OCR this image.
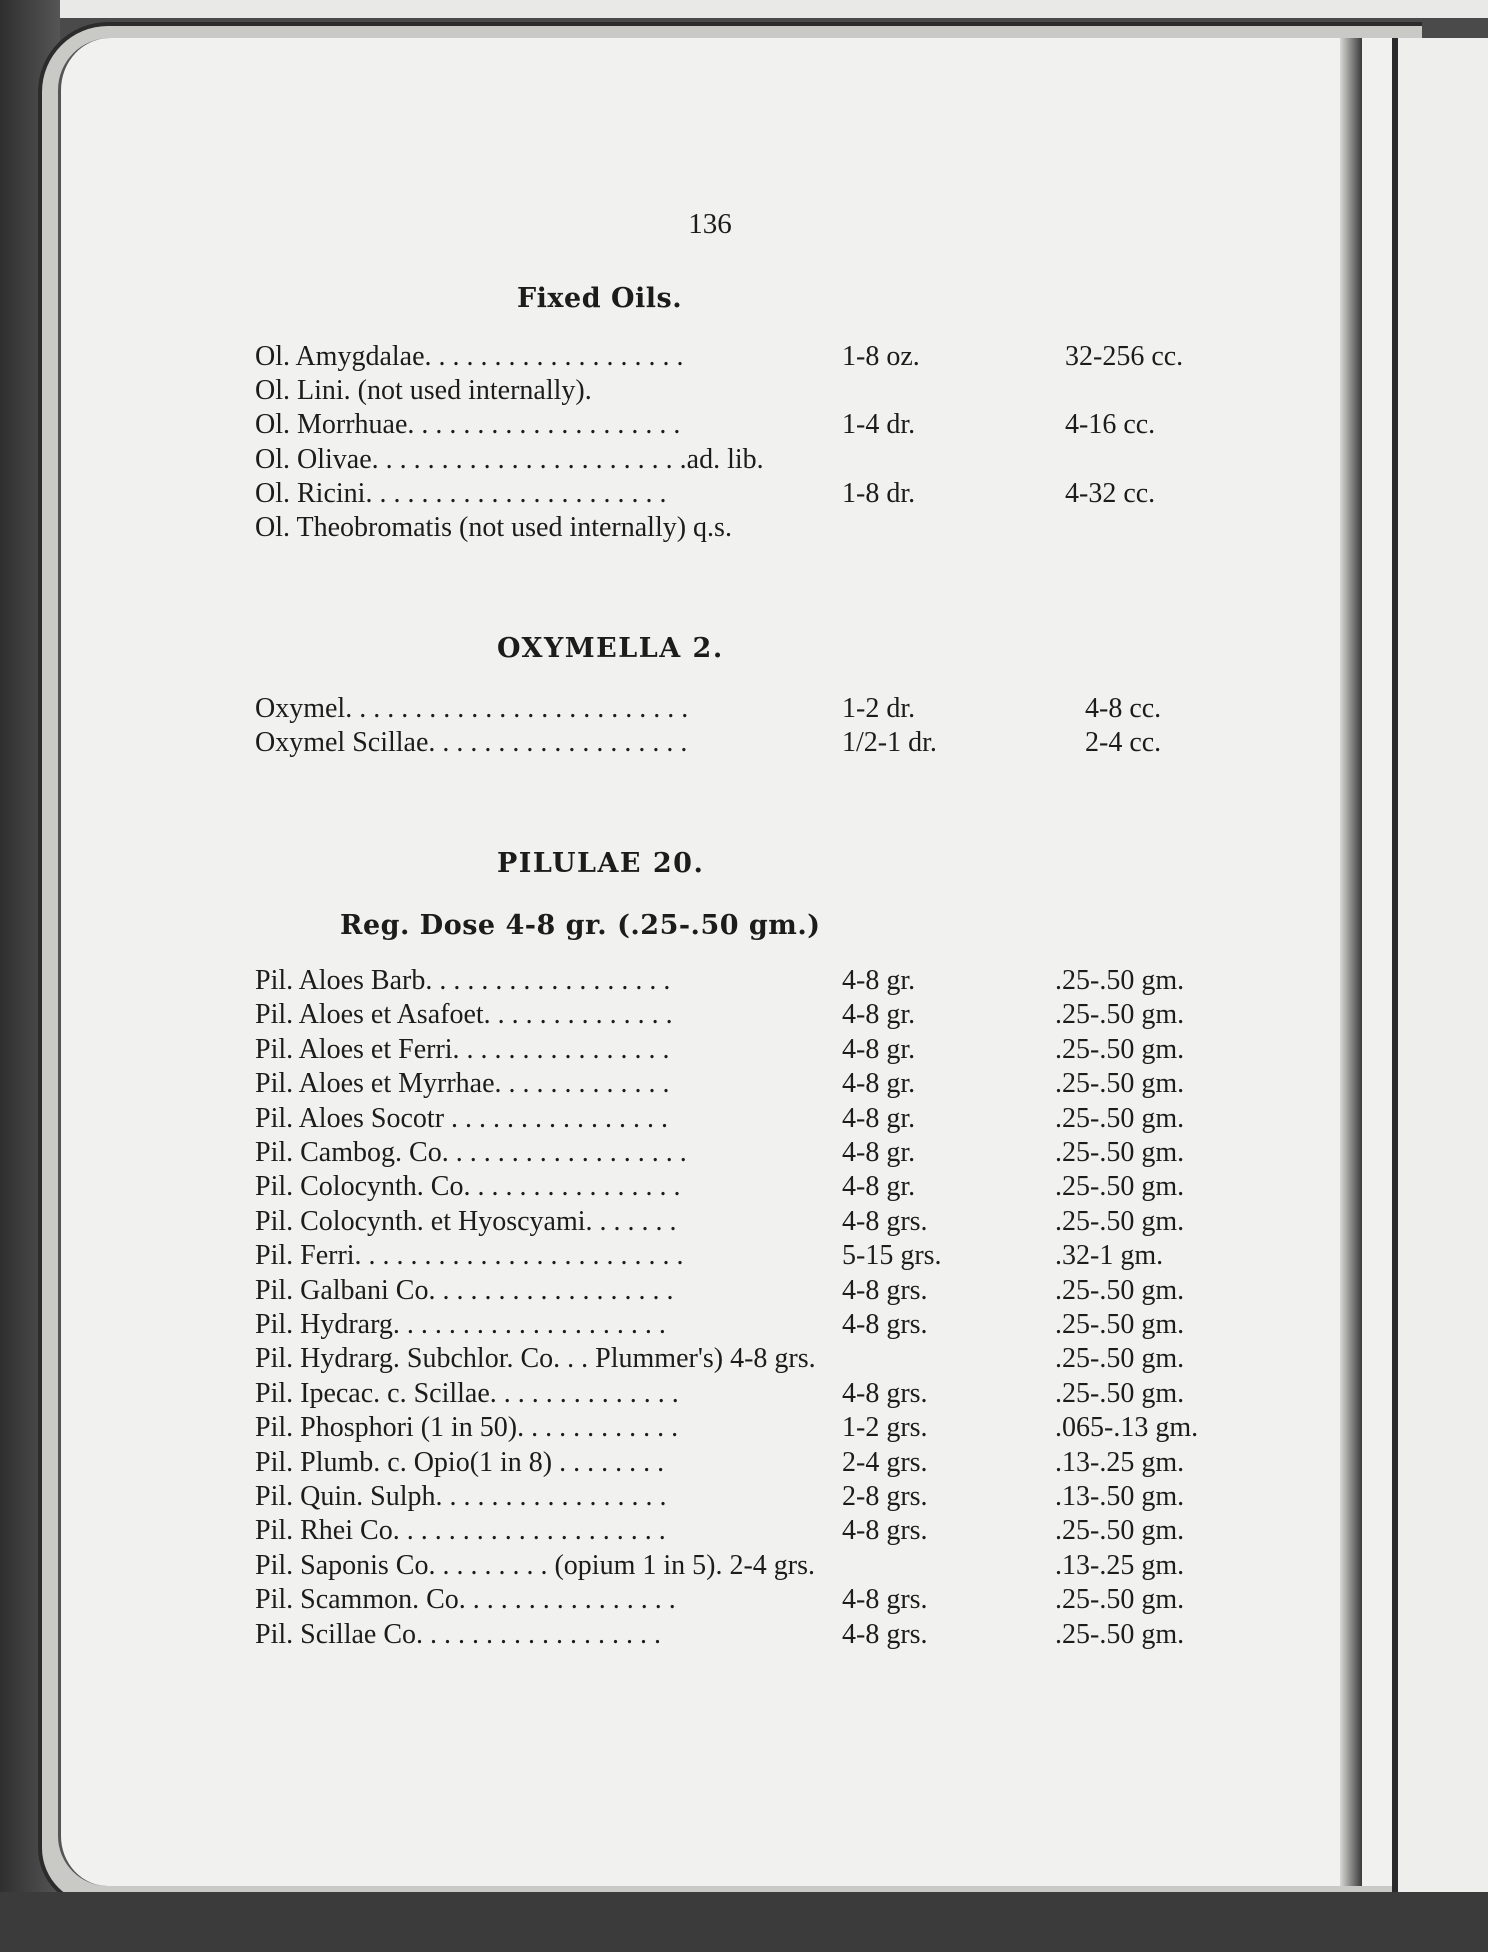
136
Fixed Oils.
Ol. Amygdalae. . . . . . . . . . . . . . . . . . .	1-8 oz.	32-256 cc.
Ol. Lini. (not used internally).
Ol. Morrhuae. . . . . . . . . . . . . . . . . . . .	1-4 dr.	4-16 cc.
Ol. Olivae. . . . . . . . . . . . . . . . . . . . . . .ad. lib.
Ol. Ricini. . . . . . . . . . . . . . . . . . . . . .	1-8 dr.	4-32 cc.
Ol. Theobromatis (not used internally) q.s.
OXYMELLA 2.
Oxymel. . . . . . . . . . . . . . . . . . . . . . . . .	1-2 dr.	4-8 cc.
Oxymel Scillae. . . . . . . . . . . . . . . . . . .	1/2-1 dr.	2-4 cc.
PILULAE 20.
Reg. Dose 4-8 gr. (.25-.50 gm.)
Pil. Aloes Barb. . . . . . . . . . . . . . . . . .	4-8 gr.	.25-.50 gm.
Pil. Aloes et Asafoet. . . . . . . . . . . . . .	4-8 gr.	.25-.50 gm.
Pil. Aloes et Ferri. . . . . . . . . . . . . . . .	4-8 gr.	.25-.50 gm.
Pil. Aloes et Myrrhae. . . . . . . . . . . . .	4-8 gr.	.25-.50 gm.
Pil. Aloes Socotr . . . . . . . . . . . . . . . .	4-8 gr.	.25-.50 gm.
Pil. Cambog. Co. . . . . . . . . . . . . . . . . .	4-8 gr.	.25-.50 gm.
Pil. Colocynth. Co. . . . . . . . . . . . . . . .	4-8 gr.	.25-.50 gm.
Pil. Colocynth. et Hyoscyami. . . . . . .	4-8 grs.	.25-.50 gm.
Pil. Ferri. . . . . . . . . . . . . . . . . . . . . . . .	5-15 grs.	.32-1 gm.
Pil. Galbani Co. . . . . . . . . . . . . . . . . .	4-8 grs.	.25-.50 gm.
Pil. Hydrarg. . . . . . . . . . . . . . . . . . . .	4-8 grs.	.25-.50 gm.
Pil. Hydrarg. Subchlor. Co. . . Plummer's) 4-8 grs.	.25-.50 gm.
Pil. Ipecac. c. Scillae. . . . . . . . . . . . . .	4-8 grs.	.25-.50 gm.
Pil. Phosphori (1 in 50). . . . . . . . . . . .	1-2 grs.	.065-.13 gm.
Pil. Plumb. c. Opio(1 in 8) . . . . . . . .	2-4 grs.	.13-.25 gm.
Pil. Quin. Sulph. . . . . . . . . . . . . . . . .	2-8 grs.	.13-.50 gm.
Pil. Rhei Co. . . . . . . . . . . . . . . . . . . .	4-8 grs.	.25-.50 gm.
Pil. Saponis Co. . . . . . . . . (opium 1 in 5). 2-4 grs.	.13-.25 gm.
Pil. Scammon. Co. . . . . . . . . . . . . . . .	4-8 grs.	.25-.50 gm.
Pil. Scillae Co. . . . . . . . . . . . . . . . . .	4-8 grs.	.25-.50 gm.
